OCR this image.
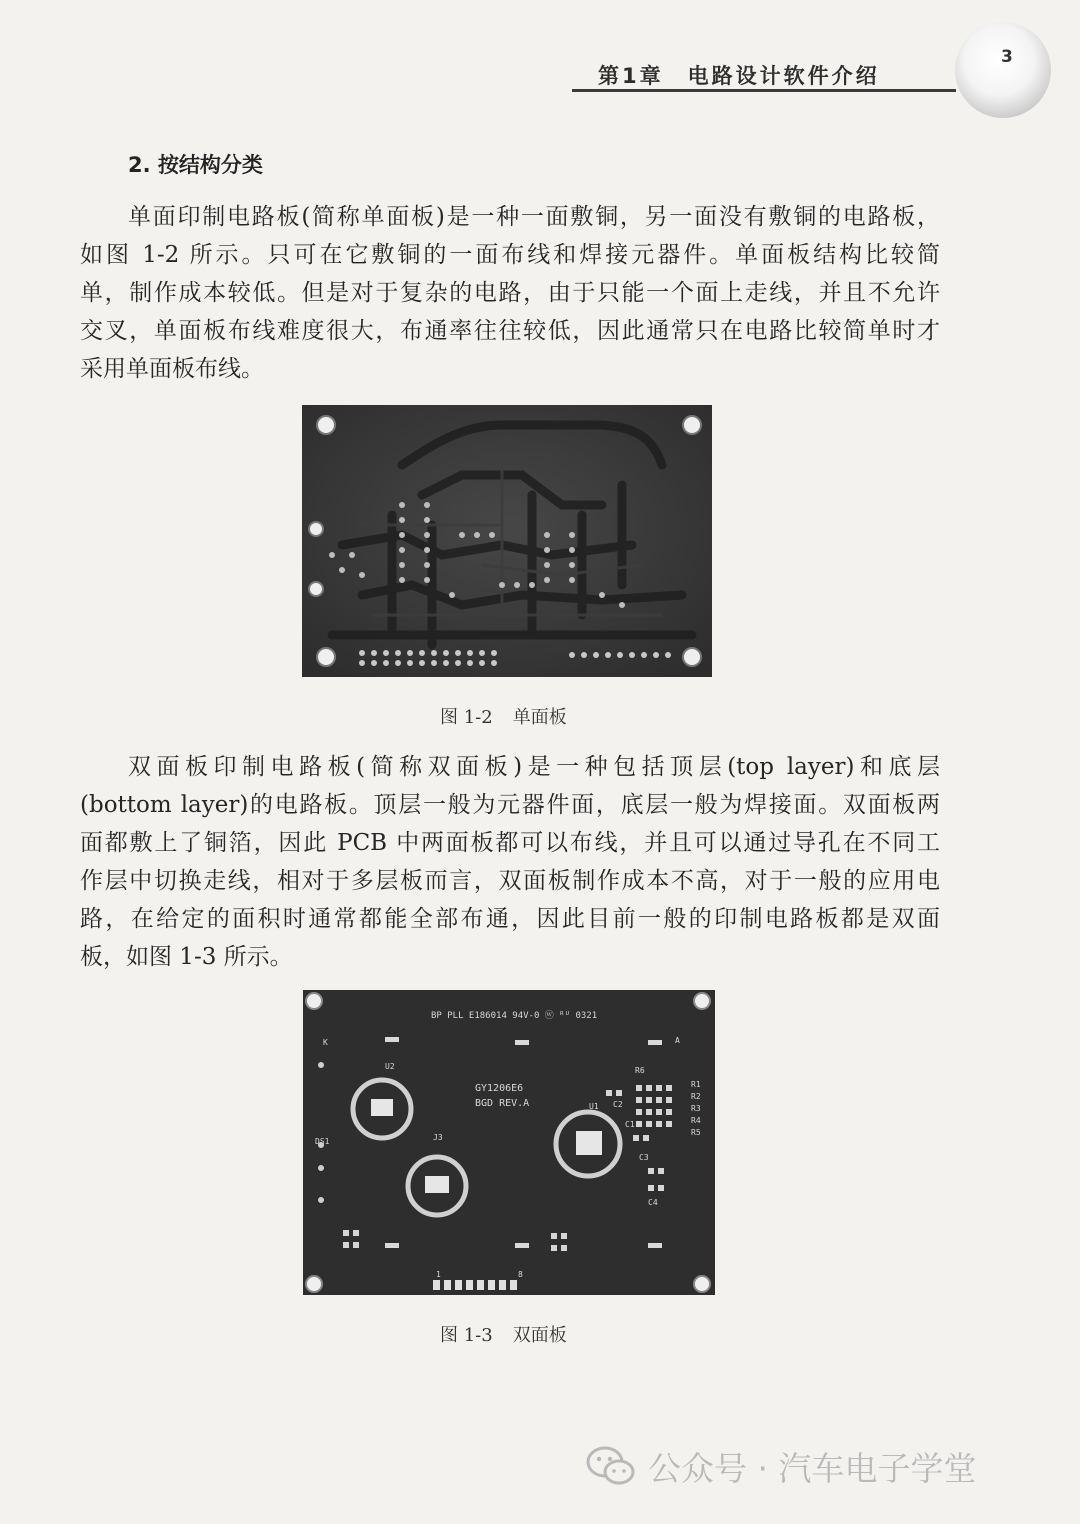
第1章　电路设计软件介绍
3
2. 按结构分类
单面印制电路板(简称单面板)是一种一面敷铜，另一面没有敷铜的电路板，
如图 1-2 所示。只可在它敷铜的一面布线和焊接元器件。单面板结构比较简
单，制作成本较低。但是对于复杂的电路，由于只能一个面上走线，并且不允许
交叉，单面板布线难度很大，布通率往往较低，因此通常只在电路比较简单时才
采用单面板布线。
图 1-2 单面板
双面板印制电路板(简称双面板)是一种包括顶层(top layer)和底层
(bottom layer)的电路板。顶层一般为元器件面，底层一般为焊接面。双面板两
面都敷上了铜箔，因此 PCB 中两面板都可以布线，并且可以通过导孔在不同工
作层中切换走线，相对于多层板而言，双面板制作成本不高，对于一般的应用电
路，在给定的面积时通常都能全部布通，因此目前一般的印制电路板都是双面
板，如图 1-3 所示。
BP PLL E186014 94V-0 ⓦ ᴿᵁ 0321
GY1206E6
BGD REV.A
U2
J3
U1
DS1
K	A
R6
R1
R2
R3
R4
R5
C1
C2
C4
C3
1	8
图 1-3 双面板
公众号 · 汽车电子学堂
